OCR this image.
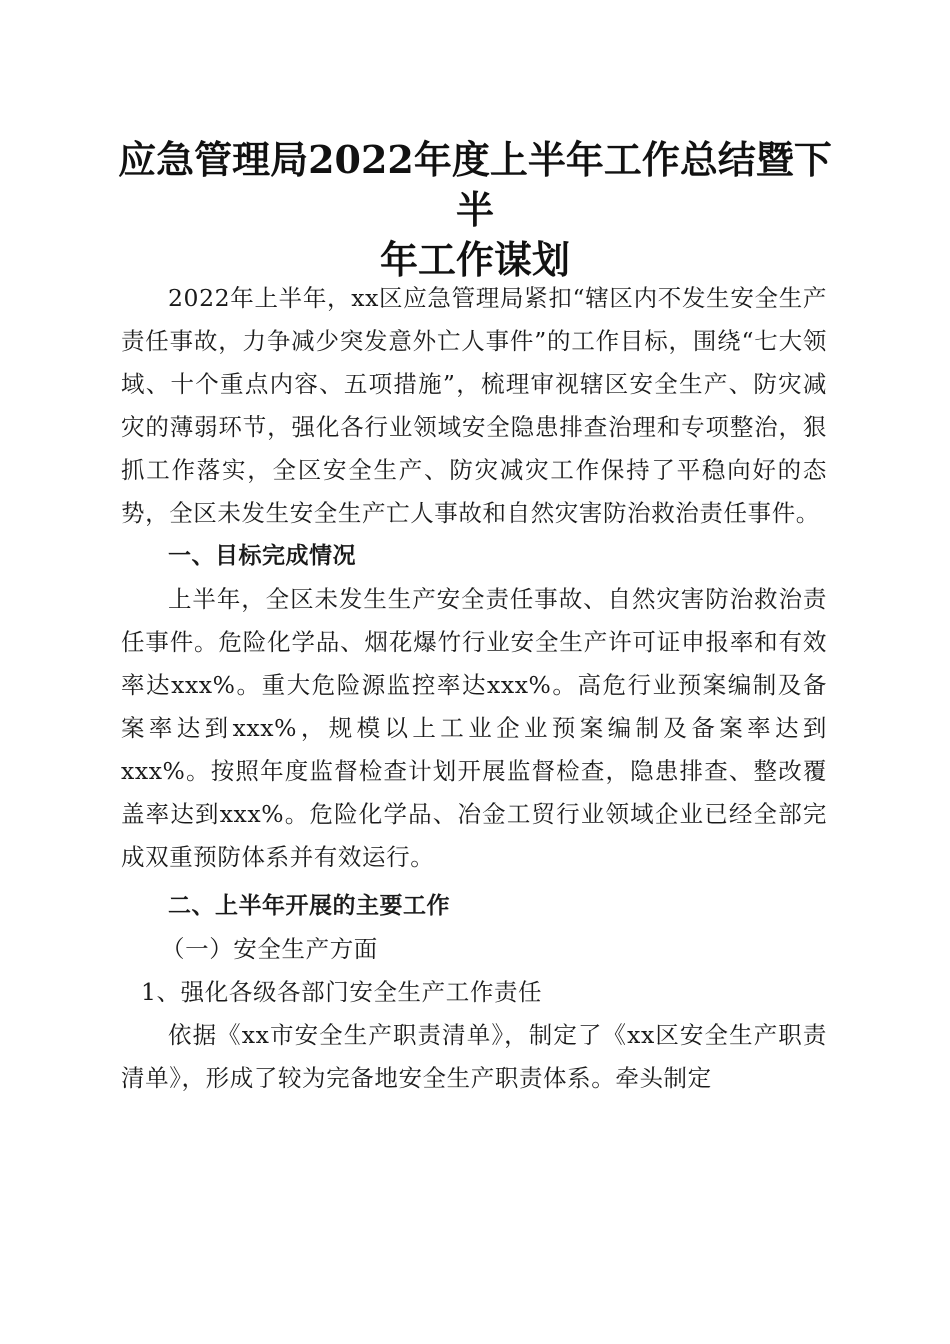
应急管理局2022年度上半年工作总结暨下半
年工作谋划

2022年上半年，xx区应急管理局紧扣“辖区内不发生安全生产责任事故，力争减少突发意外亡人事件”的工作目标，围绕“七大领域、十个重点内容、五项措施”，梳理审视辖区安全生产、防灾减灾的薄弱环节，强化各行业领域安全隐患排查治理和专项整治，狠抓工作落实，全区安全生产、防灾减灾工作保持了平稳向好的态势，全区未发生安全生产亡人事故和自然灾害防治救治责任事件。

一、目标完成情况

上半年，全区未发生生产安全责任事故、自然灾害防治救治责任事件。危险化学品、烟花爆竹行业安全生产许可证申报率和有效率达xxx%。重大危险源监控率达xxx%。高危行业预案编制及备案率达到xxx%，规模以上工业企业预案编制及备案率达到xxx%。按照年度监督检查计划开展监督检查，隐患排查、整改覆盖率达到xxx%。危险化学品、冶金工贸行业领域企业已经全部完成双重预防体系并有效运行。

二、上半年开展的主要工作

（一）安全生产方面

1、强化各级各部门安全生产工作责任

依据《xx市安全生产职责清单》，制定了《xx区安全生产职责清单》，形成了较为完备地安全生产职责体系。牵头制定
